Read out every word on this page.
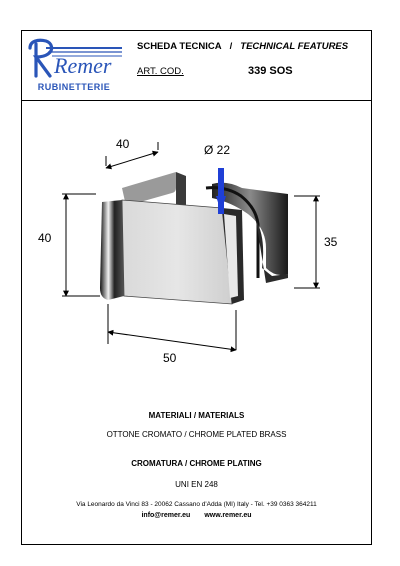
Remer
RUBINETTERIE
SCHEDA TECNICA / TECHNICAL FEATURES
ART. COD.	339 SOS
40	Ø 22
40	35
50
MATERIALI / MATERIALS
OTTONE CROMATO / CHROME PLATED BRASS
CROMATURA / CHROME PLATING
UNI EN 248
Via Leonardo da Vinci 83 - 20062 Cassano d'Adda (MI) Italy - Tel. +39 0363 364211
info@remer.eu www.remer.eu
